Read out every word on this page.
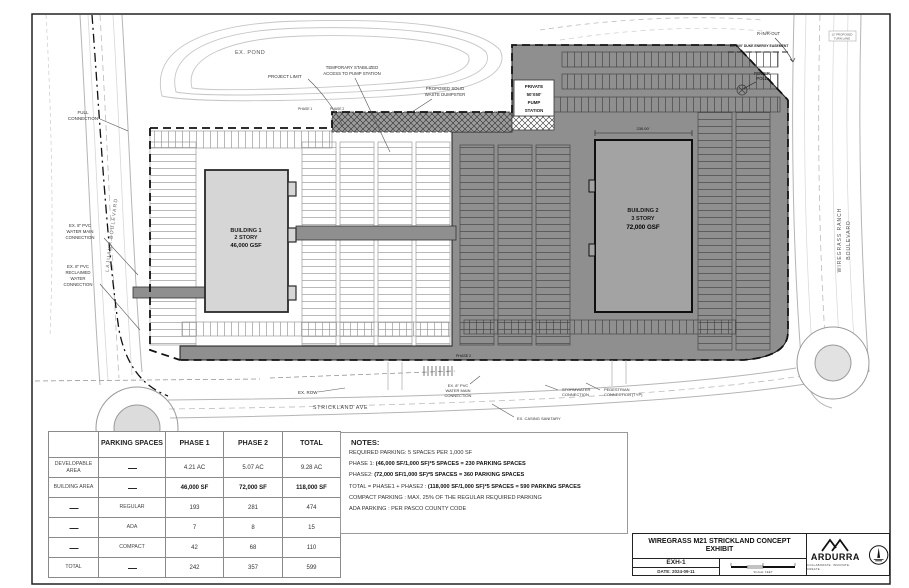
BUILDING 1
2 STORY
46,000 GSF
230.00'
BUILDING 2
3 STORY
72,000 GSF
PRIVATE
50'X50'
PUMP
STATION
EX. POND
PROJECT LIMIT
FULL
CONNECTION
LAJUANA BOULEVARD
EX. 8" PVC
WATER MAIN
CONNECTION
EX. 8" PVC
RECLAIMED
WATER
CONNECTION
TEMPORARY STABILIZED
ACCESS TO PUMP STATION
PROPOSED SOLID
WASTE DUMPSTER
R-IN/R-OUT
EX. 100' DUKE ENERGY EASEMENT
12' PROPOSED
TURN LANE
POWER
POLE
WIREGRASS RANCH BOULEVARD
PHASE 1	PHASE 2
PHASE 2
EX. ROW
STRICKLAND AVE
EX. 8" PVC
WATER MAIN
CONNECTION
STORMWATER
CONNECTION
PEDESTRIAN
CONNECTION (TYP)
EX. CASING SANITARY
	PARKING SPACES	PHASE 1	PHASE 2	TOTAL
DEVELOPABLE AREA	—	4.21 AC	5.07 AC	9.28 AC
BUILDING AREA	—	46,000 SF	72,000 SF	118,000 SF
—	REGULAR	193	281	474
—	ADA	7	8	15
—	COMPACT	42	68	110
TOTAL	—	242	357	599
NOTES:
REQUIRED PARKING: 5 SPACES PER 1,000 SF
PHASE 1: (46,000 SF/1,000 SF)*5 SPACES = 230 PARKING SPACES
PHASE2: (72,000 SF/1,000 SF)*5 SPACES = 360 PARKING SPACES
TOTAL = PHASE1 + PHASE2 : (118,000 SF/1,000 SF)*5 SPACES = 590 PARKING SPACES
COMPACT PARKING : MAX. 25% OF THE REGULAR REQUIRED PARKING
ADA PARKING : PER PASCO COUNTY CODE
WIREGRASS M21 STRICKLAND CONCEPT
EXHIBIT
EXH-1
DATE: 2024-09-11	SCALE: FEET
ARDURRA
COLLABORATE. INNOVATE. CREATE.
